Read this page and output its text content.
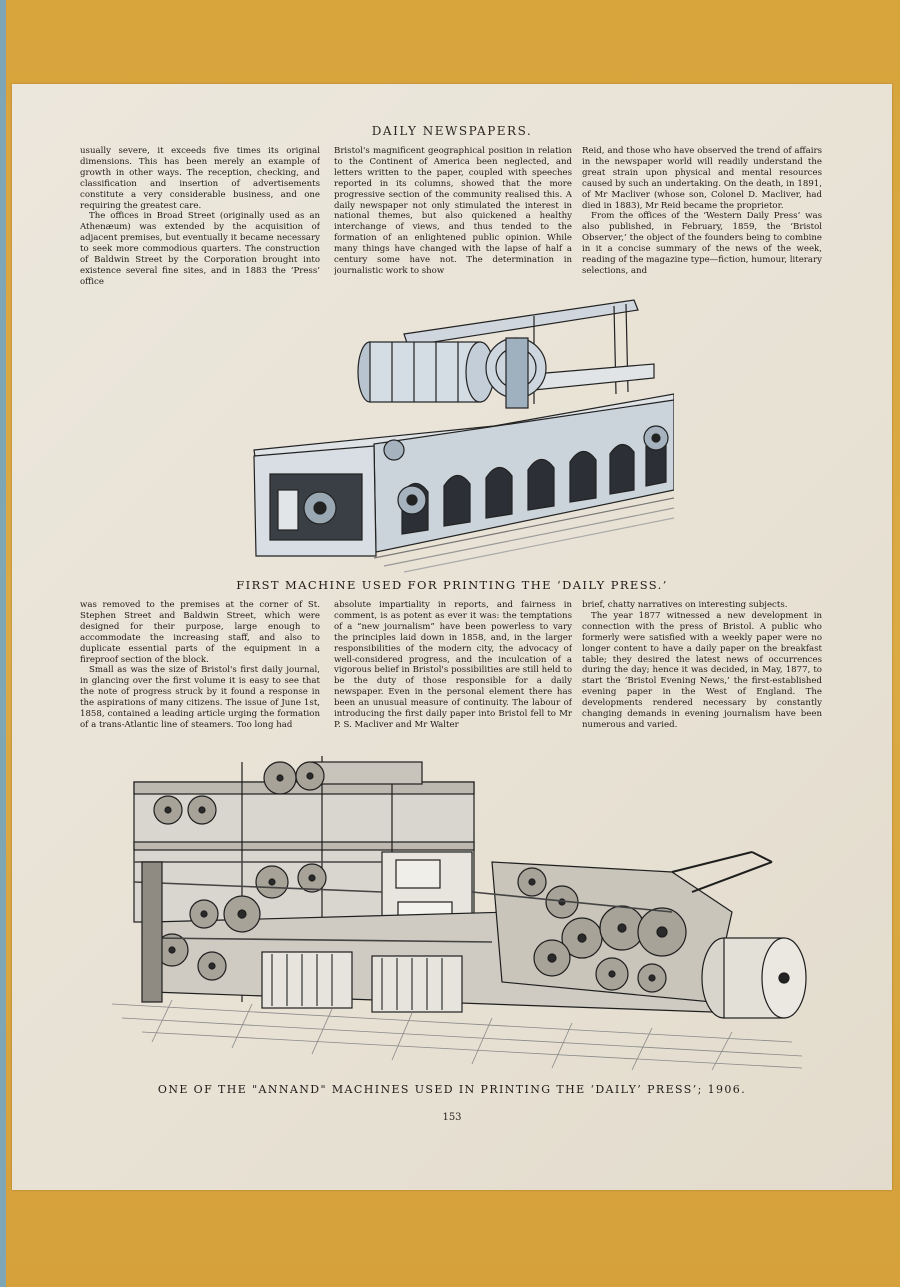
DAILY NEWSPAPERS.

usually severe, it exceeds five times its original dimensions. This has been merely an example of growth in other ways. The reception, checking, and classification and insertion of advertisements constitute a very considerable business, and one requiring the greatest care.

The offices in Broad Street (originally used as an Athenæum) was extended by the acquisition of adjacent premises, but eventually it became necessary to seek more commodious quarters. The construction of Baldwin Street by the Corporation brought into existence several fine sites, and in 1883 the ‘Press’ office

Bristol's magnificent geographical position in relation to the Continent of America been neglected, and letters written to the paper, coupled with speeches reported in its columns, showed that the more progressive section of the community realised this. A daily newspaper not only stimulated the interest in national themes, but also quickened a healthy interchange of views, and thus tended to the formation of an enlightened public opinion. While many things have changed with the lapse of half a century some have not. The determination in journalistic work to show

Reid, and those who have observed the trend of affairs in the newspaper world will readily understand the great strain upon physical and mental resources caused by such an undertaking. On the death, in 1891, of Mr Macliver (whose son, Colonel D. Macliver, had died in 1883), Mr Reid became the proprietor.

From the offices of the ‘Western Daily Press’ was also published, in February, 1859, the ‘Bristol Observer,’ the object of the founders being to combine in it a concise summary of the news of the week, reading of the magazine type—fiction, humour, literary selections, and

FIRST MACHINE USED FOR PRINTING THE ‘DAILY PRESS.’

was removed to the premises at the corner of St. Stephen Street and Baldwin Street, which were designed for their purpose, large enough to accommodate the increasing staff, and also to duplicate essential parts of the equipment in a fireproof section of the block.

Small as was the size of Bristol's first daily journal, in glancing over the first volume it is easy to see that the note of progress struck by it found a response in the aspirations of many citizens. The issue of June 1st, 1858, contained a leading article urging the formation of a trans-Atlantic line of steamers. Too long had

absolute impartiality in reports, and fairness in comment, is as potent as ever it was: the temptations of a “new journalism” have been powerless to vary the principles laid down in 1858, and, in the larger responsibilities of the modern city, the advocacy of well-considered progress, and the inculcation of a vigorous belief in Bristol's possibilities are still held to be the duty of those responsible for a daily newspaper. Even in the personal element there has been an unusual measure of continuity. The labour of introducing the first daily paper into Bristol fell to Mr P. S. Macliver and Mr Walter

brief, chatty narratives on interesting subjects.

The year 1877 witnessed a new development in connection with the press of Bristol. A public who formerly were satisfied with a weekly paper were no longer content to have a daily paper on the breakfast table; they desired the latest news of occurrences during the day; hence it was decided, in May, 1877, to start the ‘Bristol Evening News,’ the first-established evening paper in the West of England. The developments rendered necessary by constantly changing demands in evening journalism have been numerous and varied.

ONE OF THE "ANNAND" MACHINES USED IN PRINTING THE ‘DAILY’ PRESS’; 1906.
153
